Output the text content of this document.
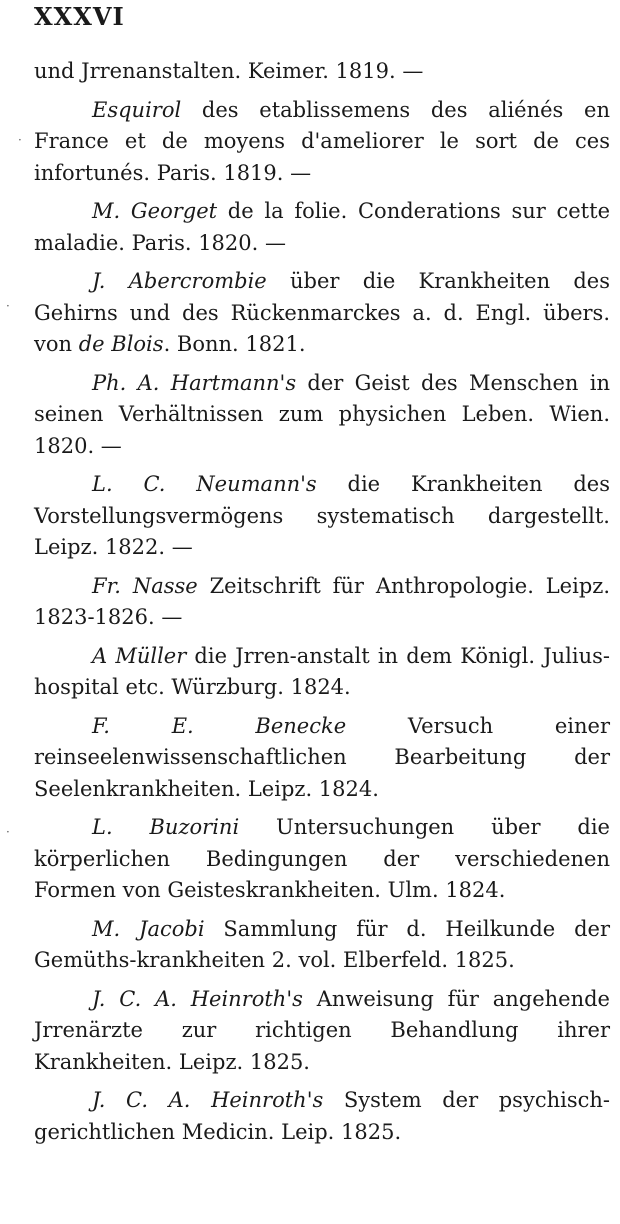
XXXVI

und Jrrenanstalten. Keimer. 1819. —

Esquirol des etablissemens des aliénés en France et de moyens d'ameliorer le sort de ces infortunés. Paris. 1819. —

M. Georget de la folie. Conderations sur cette maladie. Paris. 1820. —

J. Abercrombie über die Krankheiten des Gehirns und des Rückenmarckes a. d. Engl. übers. von de Blois. Bonn. 1821.

Ph. A. Hartmann's der Geist des Menschen in seinen Verhältnissen zum physichen Leben. Wien. 1820. —

L. C. Neumann's die Krankheiten des Vorstellungsvermögens systematisch dargestellt. Leipz. 1822. —

Fr. Nasse Zeitschrift für Anthropologie. Leipz. 1823-1826. —

A Müller die Jrren-anstalt in dem Königl. Julius-hospital etc. Würzburg. 1824.

F. E. Benecke Versuch einer reinseelenwissenschaftlichen Bearbeitung der Seelenkrankheiten. Leipz. 1824.

L. Buzorini Untersuchungen über die körperlichen Bedingungen der verschiedenen Formen von Geisteskrankheiten. Ulm. 1824.

M. Jacobi Sammlung für d. Heilkunde der Gemüths-krankheiten 2. vol. Elberfeld. 1825.

J. C. A. Heinroth's Anweisung für angehende Jrrenärzte zur richtigen Behandlung ihrer Krankheiten. Leipz. 1825.

J. C. A. Heinroth's System der psychisch-gerichtlichen Medicin. Leip. 1825.

·
·
·
